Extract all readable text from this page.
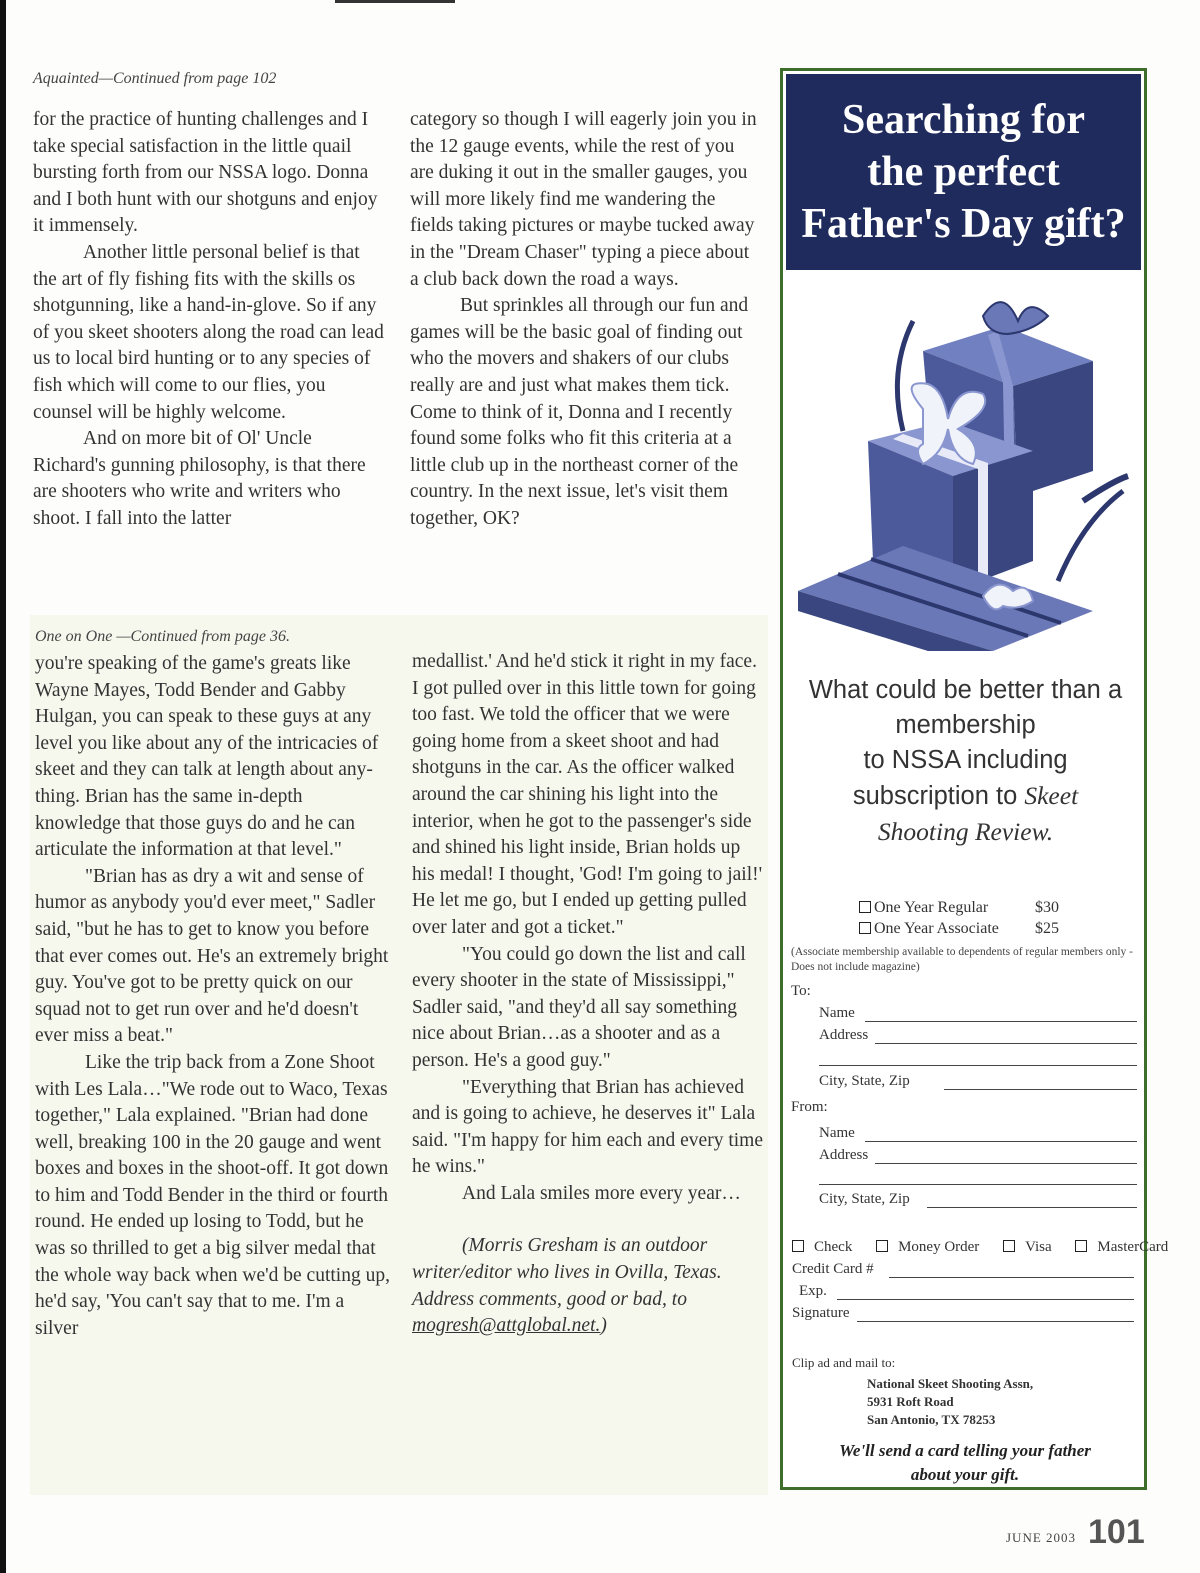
Aquainted—Continued from page 102

for the practice of hunting challenges and I take special satisfaction in the little quail bursting forth from our NSSA logo. Donna and I both hunt with our shotguns and enjoy it immensely.

Another little personal belief is that the art of fly fishing fits with the skills os shotgunning, like a hand-in-glove. So if any of you skeet shooters along the road can lead us to local bird hunting or to any species of fish which will come to our flies, you counsel will be highly welcome.

And on more bit of Ol' Uncle Richard's gunning philosophy, is that there are shooters who write and writers who shoot. I fall into the latter

category so though I will eagerly join you in the 12 gauge events, while the rest of you are duking it out in the smaller gauges, you will more likely find me wandering the fields taking pictures or maybe tucked away in the "Dream Chaser" typing a piece about a club back down the road a ways.

But sprinkles all through our fun and games will be the basic goal of finding out who the movers and shakers of our clubs really are and just what makes them tick. Come to think of it, Donna and I recently found some folks who fit this criteria at a little club up in the northeast corner of the country. In the next issue, let's visit them together, OK?

One on One —Continued from page 36.

you're speaking of the game's greats like Wayne Mayes, Todd Bender and Gabby Hulgan, you can speak to these guys at any level you like about any of the intricacies of skeet and they can talk at length about any-thing. Brian has the same in-depth knowledge that those guys do and he can articulate the information at that level."

"Brian has as dry a wit and sense of humor as anybody you'd ever meet," Sadler said, "but he has to get to know you before that ever comes out. He's an extremely bright guy. You've got to be pretty quick on our squad not to get run over and he'd doesn't ever miss a beat."

Like the trip back from a Zone Shoot with Les Lala…"We rode out to Waco, Texas together," Lala explained. "Brian had done well, breaking 100 in the 20 gauge and went boxes and boxes in the shoot-off. It got down to him and Todd Bender in the third or fourth round. He ended up losing to Todd, but he was so thrilled to get a big silver medal that the whole way back when we'd be cutting up, he'd say, 'You can't say that to me. I'm a silver

medallist.' And he'd stick it right in my face. I got pulled over in this little town for going too fast. We told the officer that we were going home from a skeet shoot and had shotguns in the car. As the officer walked around the car shining his light into the interior, when he got to the passenger's side and shined his light inside, Brian holds up his medal! I thought, 'God! I'm going to jail!' He let me go, but I ended up getting pulled over later and got a ticket."

"You could go down the list and call every shooter in the state of Mississippi," Sadler said, "and they'd all say something nice about Brian…as a shooter and as a person. He's a good guy."

"Everything that Brian has achieved and is going to achieve, he deserves it" Lala said. "I'm happy for him each and every time he wins."

And Lala smiles more every year…

(Morris Gresham is an outdoor writer/editor who lives in Ovilla, Texas. Address comments, good or bad, to mogresh@attglobal.net.)

Searching for
the perfect
Father's Day gift?
What could be better than a
membership
to NSSA including
subscription to Skeet
Shooting Review.
One Year Regular	$30
One Year Associate $25
(Associate membership available to dependents of regular members only - Does not include magazine)
To:
Name
Address
City, State, Zip
From:
Name
Address
City, State, Zip
Check	Money Order	Visa	MasterCard
Credit Card #
Exp.
Signature
Clip ad and mail to:
National Skeet Shooting Assn,
5931 Roft Road
San Antonio, TX 78253
We'll send a card telling your father
about your gift.
JUNE 2003 101
